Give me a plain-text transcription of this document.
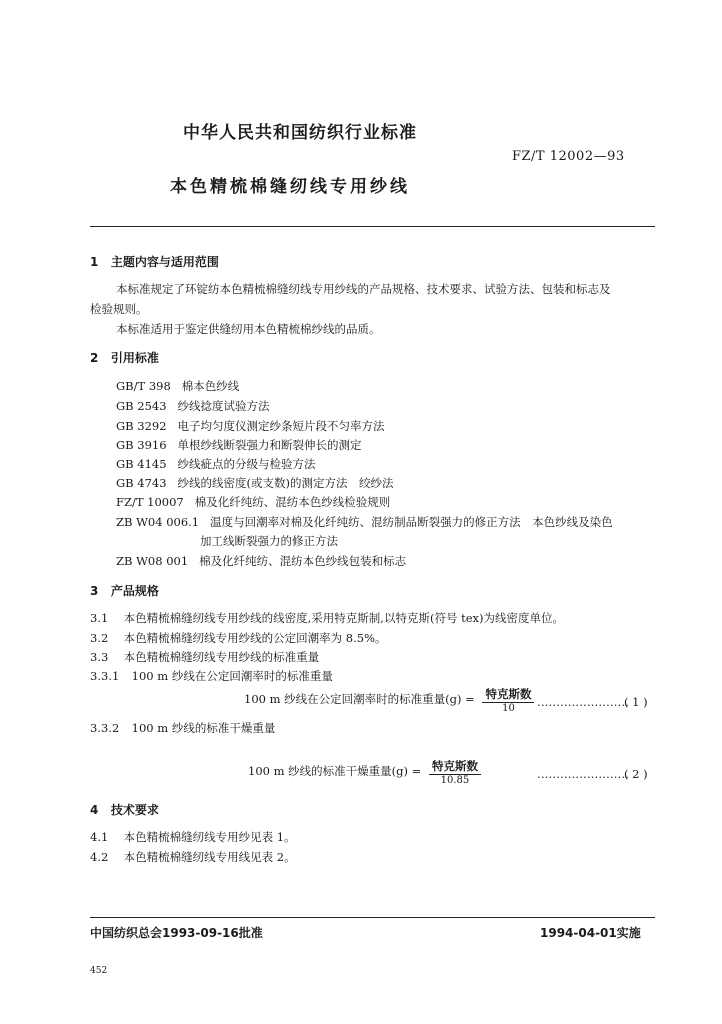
中华人民共和国纺织行业标准
FZ/T 12002—93
本色精梳棉缝纫线专用纱线
1 主题内容与适用范围
本标准规定了环锭纺本色精梳棉缝纫线专用纱线的产品规格、技术要求、试验方法、包装和标志及
检验规则。
本标准适用于鉴定供缝纫用本色精梳棉纱线的品质。
2 引用标准
GB/T 398 棉本色纱线
GB 2543 纱线捻度试验方法
GB 3292 电子均匀度仪测定纱条短片段不匀率方法
GB 3916 单根纱线断裂强力和断裂伸长的测定
GB 4145 纱线疵点的分级与检验方法
GB 4743 纱线的线密度(或支数)的测定方法　绞纱法
FZ/T 10007 棉及化纤纯纺、混纺本色纱线检验规则
ZB W04 006.1 温度与回潮率对棉及化纤纯纺、混纺制品断裂强力的修正方法　本色纱线及染色
加工线断裂强力的修正方法
ZB W08 001 棉及化纤纯纺、混纺本色纱线包装和标志
3 产品规格
3.1 本色精梳棉缝纫线专用纱线的线密度,采用特克斯制,以特克斯(符号 tex)为线密度单位。
3.2 本色精梳棉缝纫线专用纱线的公定回潮率为 8.5%。
3.3 本色精梳棉缝纫线专用纱线的标准重量
3.3.1 100 m 纱线在公定回潮率时的标准重量
100 m 纱线在公定回潮率时的标准重量$(g) = \frac{\text{特克斯数}}{10}$ ……………………
( 1 )
3.3.2 100 m 纱线的标准干燥重量
100 m 纱线的标准干燥重量$(g) = \frac{\text{特克斯数}}{10.85}$	……………………
( 2 )
4 技术要求
4.1 本色精梳棉缝纫线专用纱见表 1。
4.2 本色精梳棉缝纫线专用线见表 2。
中国纺织总会1993-09-16批准	1994-04-01实施
452
